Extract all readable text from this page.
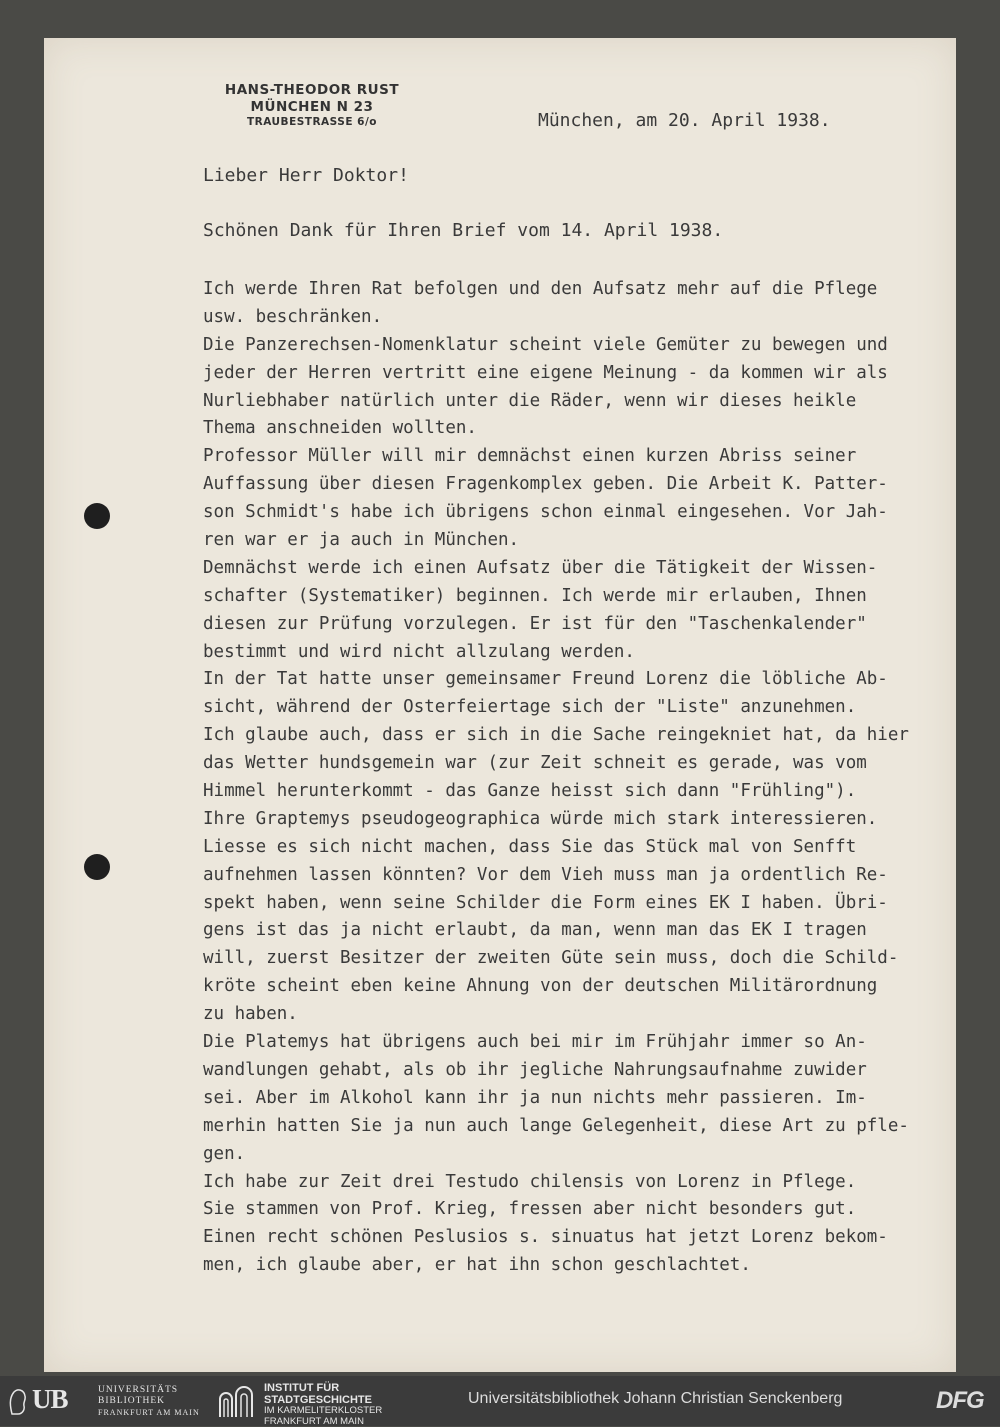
HANS-THEODOR RUST
MÜNCHEN N 23
TRAUBESTRASSE 6/o	München, am 20. April 1938.
Lieber Herr Doktor!
Schönen Dank für Ihren Brief vom 14. April 1938.
Ich werde Ihren Rat befolgen und den Aufsatz mehr auf die Pflege
usw. beschränken.
Die Panzerechsen-Nomenklatur scheint viele Gemüter zu bewegen und
jeder der Herren vertritt eine eigene Meinung - da kommen wir als
Nurliebhaber natürlich unter die Räder, wenn wir dieses heikle
Thema anschneiden wollten.
Professor Müller will mir demnächst einen kurzen Abriss seiner
Auffassung über diesen Fragenkomplex geben. Die Arbeit K. Patter-
son Schmidt's habe ich übrigens schon einmal eingesehen. Vor Jah-
ren war er ja auch in München.
Demnächst werde ich einen Aufsatz über die Tätigkeit der Wissen-
schafter (Systematiker) beginnen. Ich werde mir erlauben, Ihnen
diesen zur Prüfung vorzulegen. Er ist für den "Taschenkalender"
bestimmt und wird nicht allzulang werden.
In der Tat hatte unser gemeinsamer Freund Lorenz die löbliche Ab-
sicht, während der Osterfeiertage sich der "Liste" anzunehmen.
Ich glaube auch, dass er sich in die Sache reingekniet hat, da hier
das Wetter hundsgemein war (zur Zeit schneit es gerade, was vom
Himmel herunterkommt - das Ganze heisst sich dann "Frühling").
Ihre Graptemys pseudogeographica würde mich stark interessieren.
Liesse es sich nicht machen, dass Sie das Stück mal von Senfft
aufnehmen lassen könnten? Vor dem Vieh muss man ja ordentlich Re-
spekt haben, wenn seine Schilder die Form eines EK I haben. Übri-
gens ist das ja nicht erlaubt, da man, wenn man das EK I tragen
will, zuerst Besitzer der zweiten Güte sein muss, doch die Schild-
kröte scheint eben keine Ahnung von der deutschen Militärordnung
zu haben.
Die Platemys hat übrigens auch bei mir im Frühjahr immer so An-
wandlungen gehabt, als ob ihr jegliche Nahrungsaufnahme zuwider
sei. Aber im Alkohol kann ihr ja nun nichts mehr passieren. Im-
merhin hatten Sie ja nun auch lange Gelegenheit, diese Art zu pfle-
gen.
Ich habe zur Zeit drei Testudo chilensis von Lorenz in Pflege.
Sie stammen von Prof. Krieg, fressen aber nicht besonders gut.
Einen recht schönen Peslusios s. sinuatus hat jetzt Lorenz bekom-
men, ich glaube aber, er hat ihn schon geschlachtet.
UB	UNIVERSITÄTS
BIBLIOTHEK
FRANKFURT AM MAIN
INSTITUT FÜR
STADTGESCHICHTE
IM KARMELITERKLOSTER
FRANKFURT AM MAIN
Universitätsbibliothek Johann Christian Senckenberg	DFG
